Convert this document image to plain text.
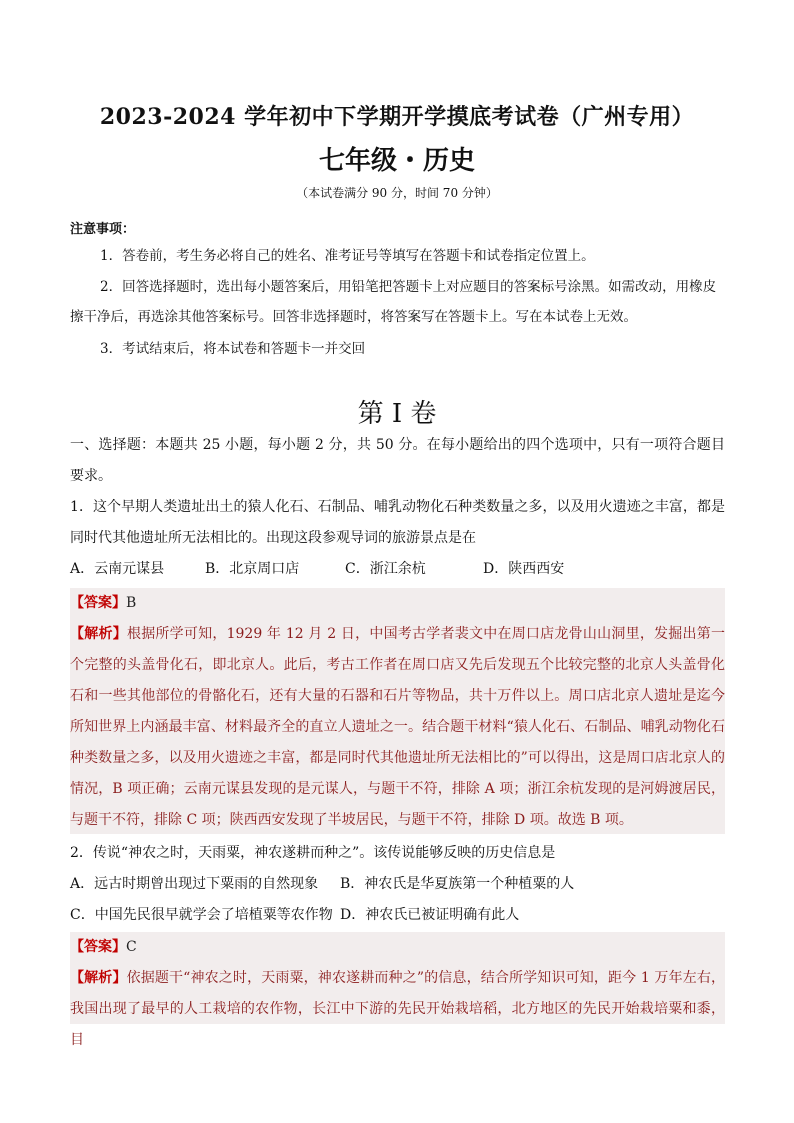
2023-2024 学年初中下学期开学摸底考试卷（广州专用）
七年级・历史
（本试卷满分 90 分，时间 70 分钟）
注意事项：
1．答卷前，考生务必将自己的姓名、准考证号等填写在答题卡和试卷指定位置上。
2．回答选择题时，选出每小题答案后，用铅笔把答题卡上对应题目的答案标号涂黑。如需改动，用橡皮擦干净后，再选涂其他答案标号。回答非选择题时，将答案写在答题卡上。写在本试卷上无效。
3．考试结束后，将本试卷和答题卡一并交回
第 I 卷
一、选择题：本题共 25 小题，每小题 2 分，共 50 分。在每小题给出的四个选项中，只有一项符合题目要求。
1．这个早期人类遗址出土的猿人化石、石制品、哺乳动物化石种类数量之多，以及用火遗迹之丰富，都是同时代其他遗址所无法相比的。出现这段参观导词的旅游景点是在
A．云南元谋县	B．北京周口店	C．浙江余杭	D．陕西西安
【答案】B
【解析】根据所学可知，1929 年 12 月 2 日，中国考古学者裴文中在周口店龙骨山山洞里，发掘出第一个完整的头盖骨化石，即北京人。此后，考古工作者在周口店又先后发现五个比较完整的北京人头盖骨化石和一些其他部位的骨骼化石，还有大量的石器和石片等物品，共十万件以上。周口店北京人遗址是迄今所知世界上内涵最丰富、材料最齐全的直立人遗址之一。结合题干材料“猿人化石、石制品、哺乳动物化石种类数量之多，以及用火遗迹之丰富，都是同时代其他遗址所无法相比的”可以得出，这是周口店北京人的情况，B 项正确；云南元谋县发现的是元谋人，与题干不符，排除 A 项；浙江余杭发现的是河姆渡居民，与题干不符，排除 C 项；陕西西安发现了半坡居民，与题干不符，排除 D 项。故选 B 项。
2．传说“神农之时，天雨粟，神农遂耕而种之”。该传说能够反映的历史信息是
A．远古时期曾出现过下粟雨的自然现象 B．神农氏是华夏族第一个种植粟的人
C．中国先民很早就学会了培植粟等农作物 D．神农氏已被证明确有此人
【答案】C
【解析】依据题干“神农之时，天雨粟，神农遂耕而种之”的信息，结合所学知识可知，距今 1 万年左右，我国出现了最早的人工栽培的农作物，长江中下游的先民开始栽培稻，北方地区的先民开始栽培粟和黍，目
